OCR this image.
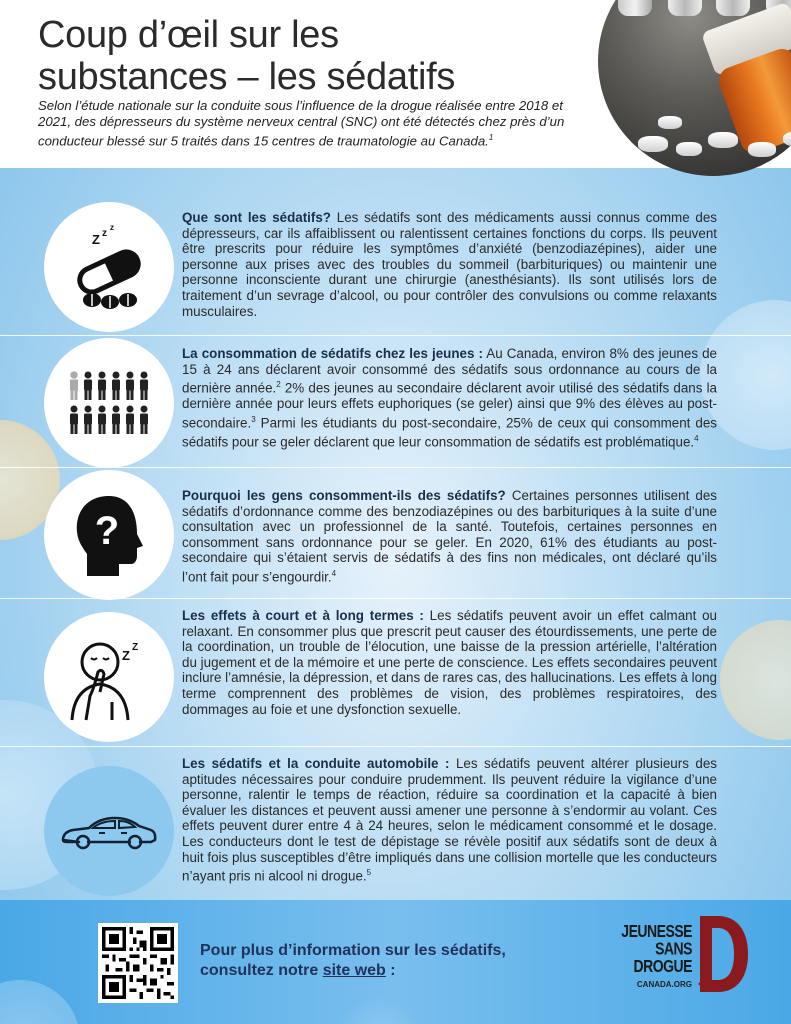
Coup d’œil sur les
substances – les sédatifs

Selon l’étude nationale sur la conduite sous l’influence de la drogue réalisée entre 2018 et 2021, des dépresseurs du système nerveux central (SNC) ont été détectés chez près d’un conducteur blessé sur 5 traités dans 15 centres de traumatologie au Canada.$^1$

Z z
z

Que sont les sédatifs? Les sédatifs sont des médicaments aussi connus comme des dépresseurs, car ils affaiblissent ou ralentissent certaines fonctions du corps. Ils peuvent être prescrits pour réduire les symptômes d’anxiété (benzodiazépines), aider une personne aux prises avec des troubles du sommeil (barbituriques) ou maintenir une personne inconsciente durant une chirurgie (anesthésiants). Ils sont utilisés lors de traitement d’un sevrage d’alcool, ou pour contrôler des convulsions ou comme relaxants musculaires.

La consommation de sédatifs chez les jeunes : Au Canada, environ 8% des jeunes de 15 à 24 ans déclarent avoir consommé des sédatifs sous ordonnance au cours de la dernière année.$^2$ 2% des jeunes au secondaire déclarent avoir utilisé des sédatifs dans la dernière année pour leurs effets euphoriques (se geler) ainsi que 9% des élèves au post-secondaire.$^3$ Parmi les étudiants du post-secondaire, 25% de ceux qui consomment des sédatifs pour se geler déclarent que leur consommation de sédatifs est problématique.$^4$

?

Pourquoi les gens consomment-ils des sédatifs? Certaines personnes utilisent des sédatifs d’ordonnance comme des benzodiazépines ou des barbituriques à la suite d’une consultation avec un professionnel de la santé. Toutefois, certaines personnes en consomment sans ordonnance pour se geler. En 2020, 61% des étudiants au post-secondaire qui s’étaient servis de sédatifs à des fins non médicales, ont déclaré qu’ils l’ont fait pour s’engourdir.$^4$

Z
Z

Les effets à court et à long termes : Les sédatifs peuvent avoir un effet calmant ou relaxant. En consommer plus que prescrit peut causer des étourdissements, une perte de la coordination, un trouble de l’élocution, une baisse de la pression artérielle, l’altération du jugement et de la mémoire et une perte de conscience. Les effets secondaires peuvent inclure l’amnésie, la dépression, et dans de rares cas, des hallucinations. Les effets à long terme comprennent des problèmes de vision, des problèmes respiratoires, des dommages au foie et une dysfonction sexuelle.

Les sédatifs et la conduite automobile : Les sédatifs peuvent altérer plusieurs des aptitudes nécessaires pour conduire prudemment. Ils peuvent réduire la vigilance d’une personne, ralentir le temps de réaction, réduire sa coordination et la capacité à bien évaluer les distances et peuvent aussi amener une personne à s’endormir au volant. Ces effets peuvent durer entre 4 à 24 heures, selon le médicament consommé et le dosage. Les conducteurs dont le test de dépistage se révèle positif aux sédatifs sont de deux à huit fois plus susceptibles d’être impliqués dans une collision mortelle que les conducteurs n’ayant pris ni alcool ni drogue.$^5$

Pour plus d’information sur les sédatifs,
consultez notre site web :

JEUNESSE
SANS
DROGUE
CANADA.ORG
